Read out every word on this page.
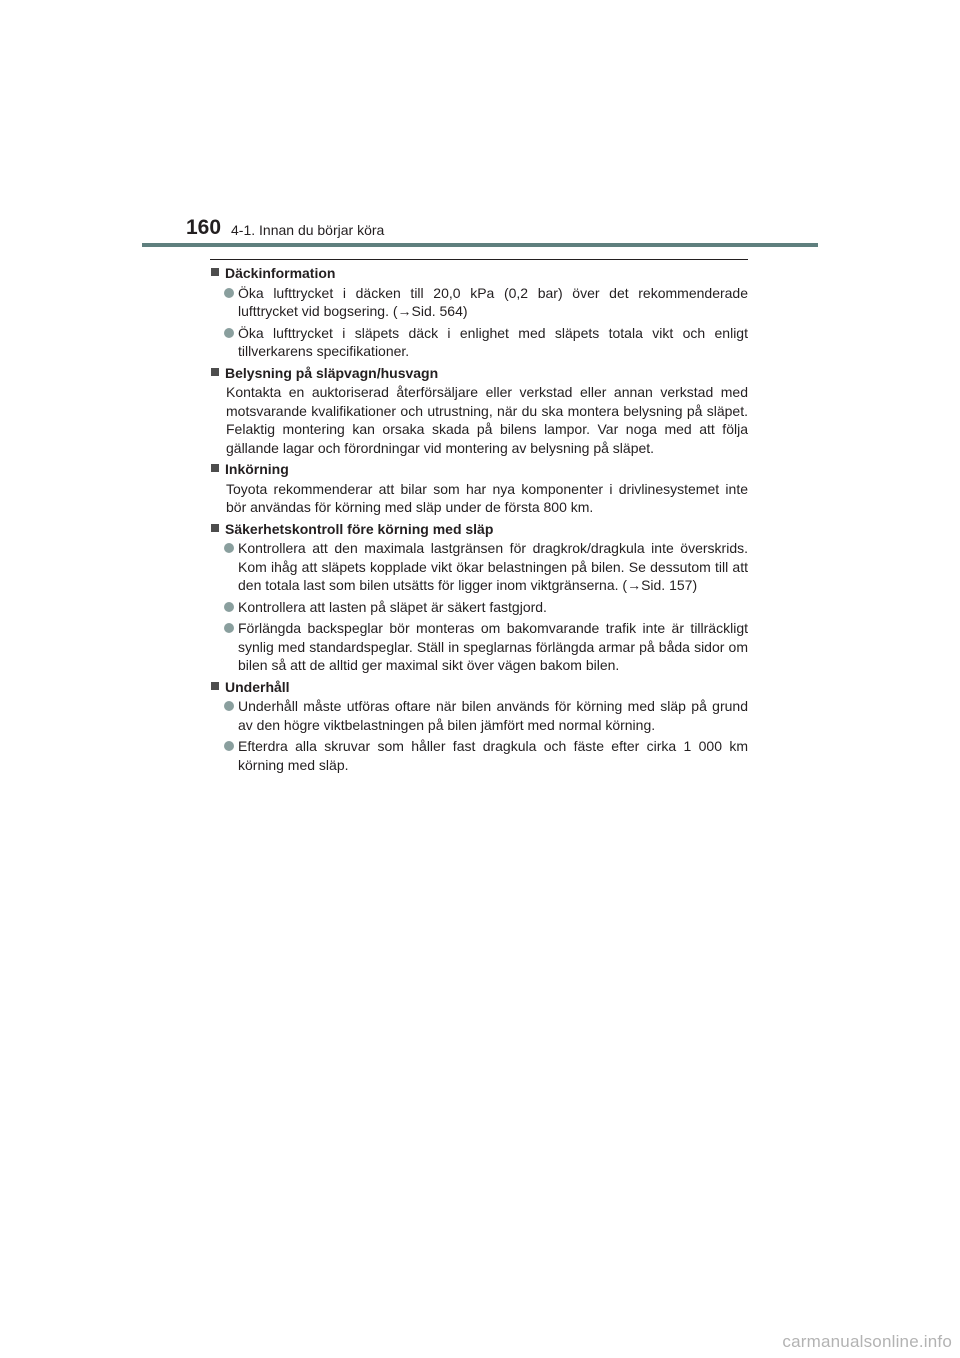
160 4-1. Innan du börjar köra
Däckinformation
Öka lufttrycket i däcken till 20,0 kPa (0,2 bar) över det rekommenderade lufttrycket vid bogsering. (→Sid. 564)
Öka lufttrycket i släpets däck i enlighet med släpets totala vikt och enligt tillverkarens specifikationer.
Belysning på släpvagn/husvagn
Kontakta en auktoriserad återförsäljare eller verkstad eller annan verkstad med motsvarande kvalifikationer och utrustning, när du ska montera belysning på släpet. Felaktig montering kan orsaka skada på bilens lampor. Var noga med att följa gällande lagar och förordningar vid montering av belysning på släpet.
Inkörning
Toyota rekommenderar att bilar som har nya komponenter i drivlinesystemet inte bör användas för körning med släp under de första 800 km.
Säkerhetskontroll före körning med släp
Kontrollera att den maximala lastgränsen för dragkrok/dragkula inte överskrids. Kom ihåg att släpets kopplade vikt ökar belastningen på bilen. Se dessutom till att den totala last som bilen utsätts för ligger inom viktgränserna. (→Sid. 157)
Kontrollera att lasten på släpet är säkert fastgjord.
Förlängda backspeglar bör monteras om bakomvarande trafik inte är tillräckligt synlig med standardspeglar. Ställ in speglarnas förlängda armar på båda sidor om bilen så att de alltid ger maximal sikt över vägen bakom bilen.
Underhåll
Underhåll måste utföras oftare när bilen används för körning med släp på grund av den högre viktbelastningen på bilen jämfört med normal körning.
Efterdra alla skruvar som håller fast dragkula och fäste efter cirka 1 000 km körning med släp.
carmanualsonline.info
